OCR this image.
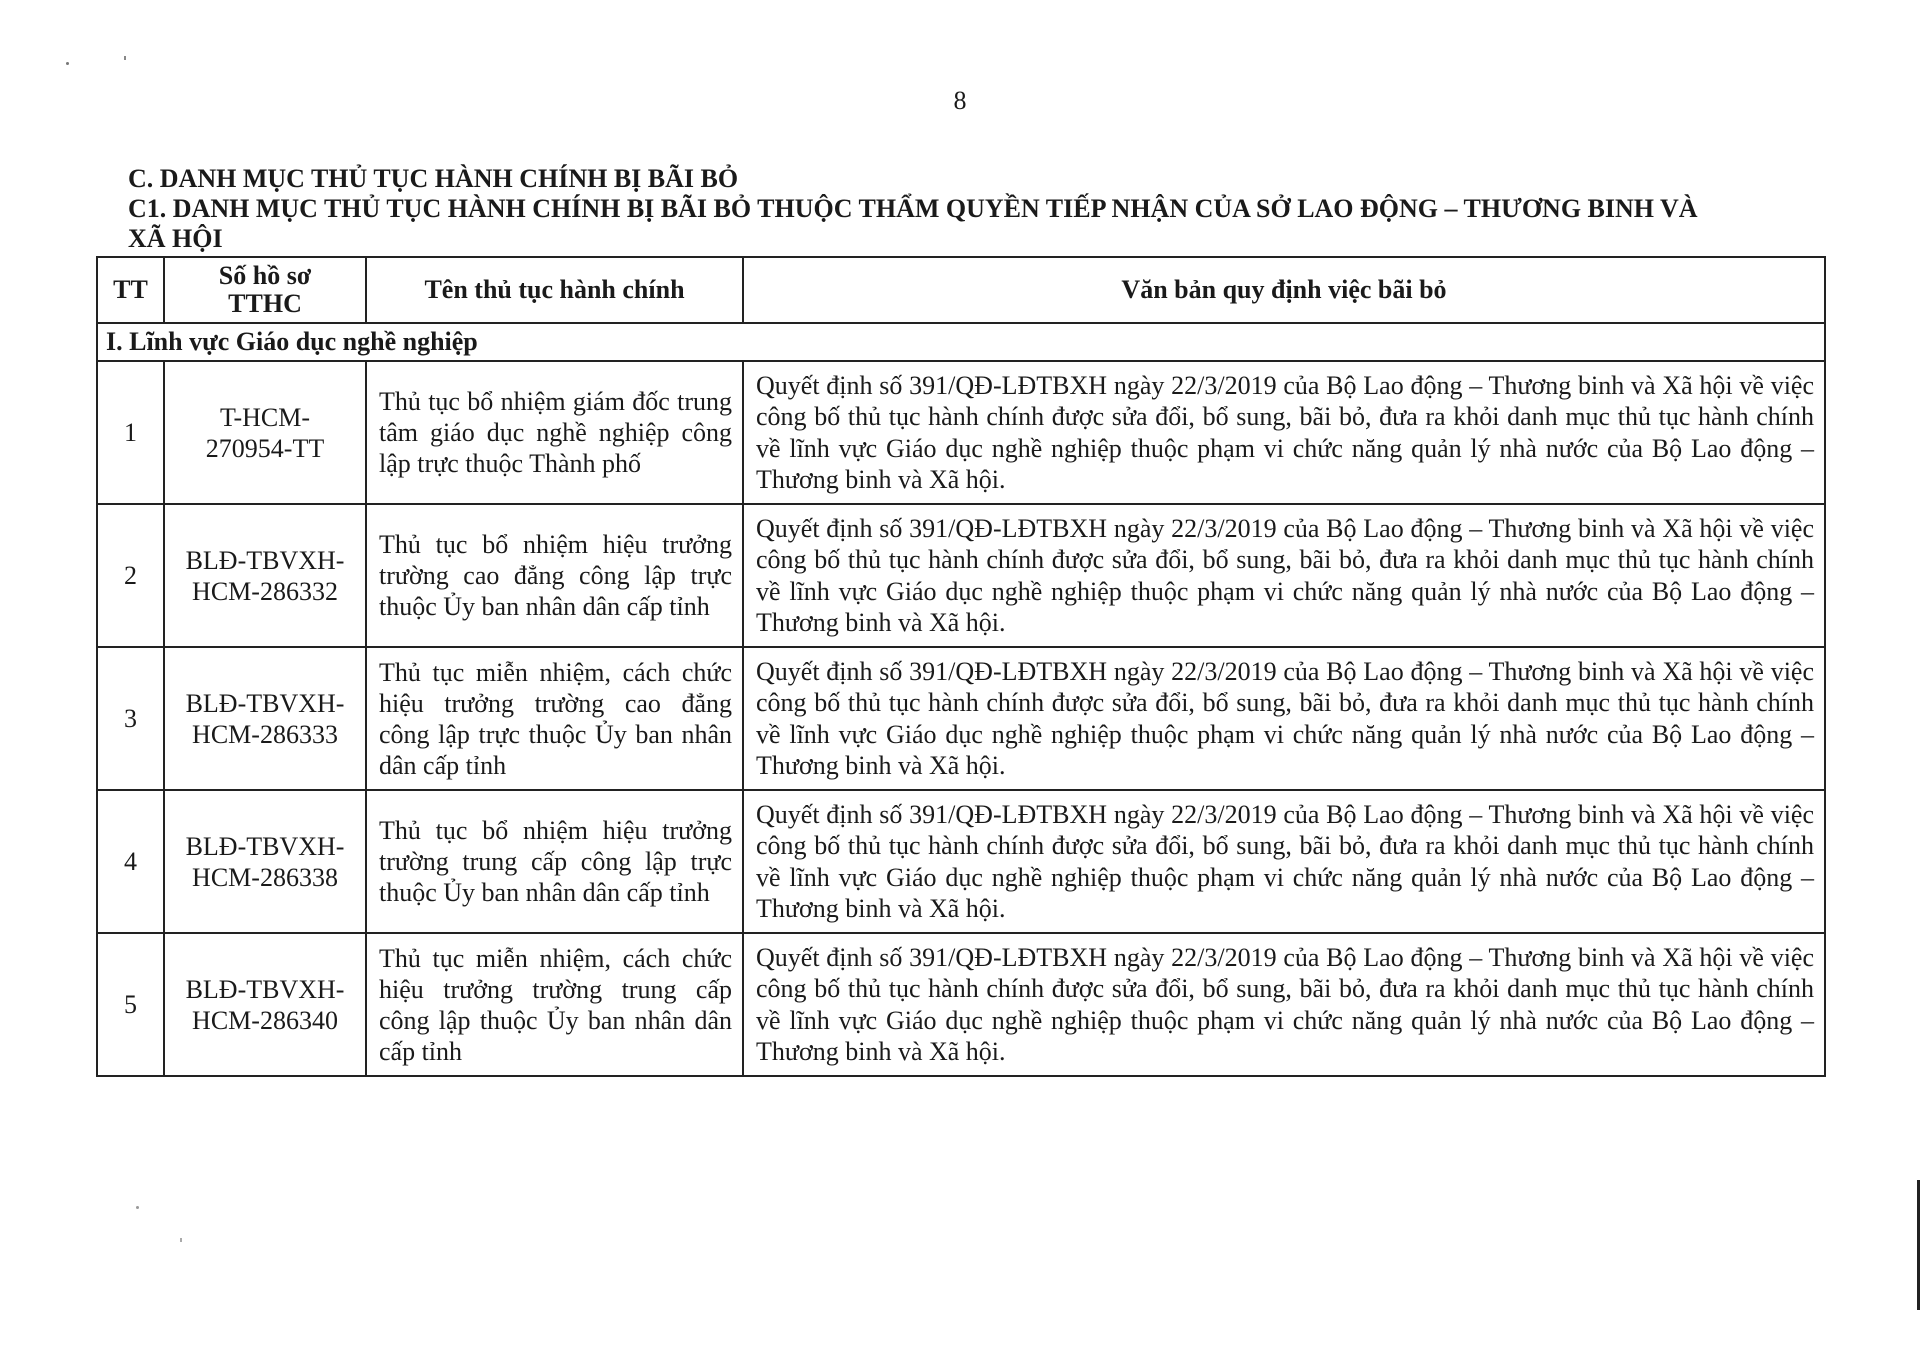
8
C. DANH MỤC THỦ TỤC HÀNH CHÍNH BỊ BÃI BỎ
C1. DANH MỤC THỦ TỤC HÀNH CHÍNH BỊ BÃI BỎ THUỘC THẨM QUYỀN TIẾP NHẬN CỦA SỞ LAO ĐỘNG – THƯƠNG BINH VÀ
XÃ HỘI
TT	Số hồ sơ TTHC	Tên thủ tục hành chính	Văn bản quy định việc bãi bỏ
I. Lĩnh vực Giáo dục nghề nghiệp			
1	T-HCM-270954-TT	Thủ tục bổ nhiệm giám đốc trung tâm giáo dục nghề nghiệp công lập trực thuộc Thành phố	Quyết định số 391/QĐ-LĐTBXH ngày 22/3/2019 của Bộ Lao động – Thương binh và Xã hội về việc công bố thủ tục hành chính được sửa đổi, bổ sung, bãi bỏ, đưa ra khỏi danh mục thủ tục hành chính về lĩnh vực Giáo dục nghề nghiệp thuộc phạm vi chức năng quản lý nhà nước của Bộ Lao động – Thương binh và Xã hội.
2	BLĐ-TBVXH-HCM-286332	Thủ tục bổ nhiệm hiệu trưởng trường cao đẳng công lập trực thuộc Ủy ban nhân dân cấp tỉnh	Quyết định số 391/QĐ-LĐTBXH ngày 22/3/2019 của Bộ Lao động – Thương binh và Xã hội về việc công bố thủ tục hành chính được sửa đổi, bổ sung, bãi bỏ, đưa ra khỏi danh mục thủ tục hành chính về lĩnh vực Giáo dục nghề nghiệp thuộc phạm vi chức năng quản lý nhà nước của Bộ Lao động – Thương binh và Xã hội.
3	BLĐ-TBVXH-HCM-286333	Thủ tục miễn nhiệm, cách chức hiệu trưởng trường cao đẳng công lập trực thuộc Ủy ban nhân dân cấp tỉnh	Quyết định số 391/QĐ-LĐTBXH ngày 22/3/2019 của Bộ Lao động – Thương binh và Xã hội về việc công bố thủ tục hành chính được sửa đổi, bổ sung, bãi bỏ, đưa ra khỏi danh mục thủ tục hành chính về lĩnh vực Giáo dục nghề nghiệp thuộc phạm vi chức năng quản lý nhà nước của Bộ Lao động – Thương binh và Xã hội.
4	BLĐ-TBVXH-HCM-286338	Thủ tục bổ nhiệm hiệu trưởng trường trung cấp công lập trực thuộc Ủy ban nhân dân cấp tỉnh	Quyết định số 391/QĐ-LĐTBXH ngày 22/3/2019 của Bộ Lao động – Thương binh và Xã hội về việc công bố thủ tục hành chính được sửa đổi, bổ sung, bãi bỏ, đưa ra khỏi danh mục thủ tục hành chính về lĩnh vực Giáo dục nghề nghiệp thuộc phạm vi chức năng quản lý nhà nước của Bộ Lao động – Thương binh và Xã hội.
5	BLĐ-TBVXH-HCM-286340	Thủ tục miễn nhiệm, cách chức hiệu trưởng trường trung cấp công lập thuộc Ủy ban nhân dân cấp tỉnh	Quyết định số 391/QĐ-LĐTBXH ngày 22/3/2019 của Bộ Lao động – Thương binh và Xã hội về việc công bố thủ tục hành chính được sửa đổi, bổ sung, bãi bỏ, đưa ra khỏi danh mục thủ tục hành chính về lĩnh vực Giáo dục nghề nghiệp thuộc phạm vi chức năng quản lý nhà nước của Bộ Lao động – Thương binh và Xã hội.
